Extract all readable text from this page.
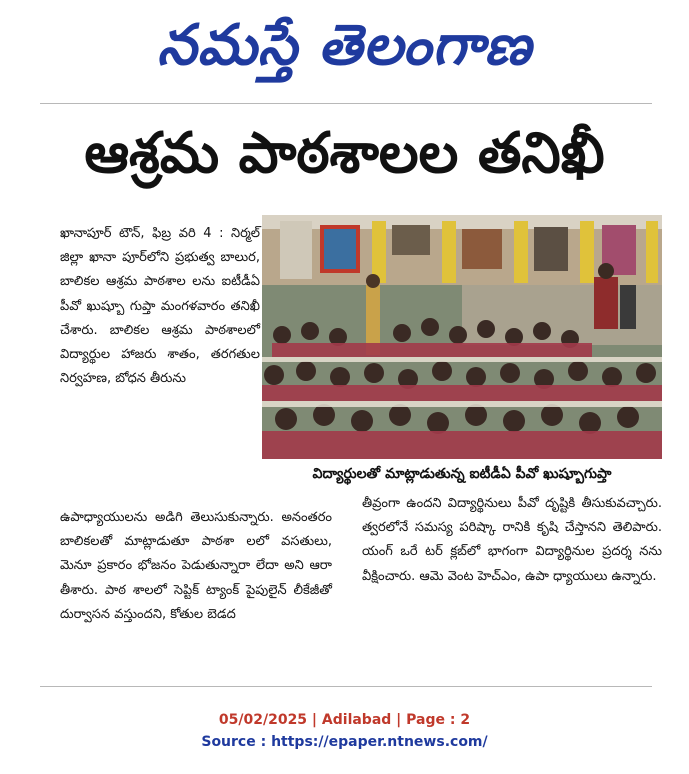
నమస్తే తెలంగాణ
ఆశ్రమ పాఠశాలల తనిఖీ
ఖానాపూర్ టౌన్, ఫిబ్ర వరి 4 : నిర్మల్ జిల్లా ఖానా పూర్‌లోని ప్రభుత్వ బాలుర, బాలికల ఆశ్రమ పాఠశాల లను ఐటీడీఏ పీవో ఖుష్బూ గుప్తా మంగళవారం తనిఖీ చేశారు. బాలికల ఆశ్రమ పాఠశాలలో విద్యార్థుల హాజరు శాతం, తరగతుల నిర్వహణ, బోధన తీరును
విద్యార్థులతో మాట్లాడుతున్న ఐటీడీఏ పీవో ఖుష్బూగుప్తా
ఉపాధ్యాయులను అడిగి తెలుసుకున్నారు. అనంతరం బాలికలతో మాట్లాడుతూ పాఠశా లలో వసతులు, మెనూ ప్రకారం భోజనం పెడుతున్నారా లేదా అని ఆరా తీశారు. పాఠ శాలలో సెప్టిక్ ట్యాంక్ పైపులైన్ లీకేజీతో దుర్వాసన వస్తుందని, కోతుల బెడద
తీవ్రంగా ఉందని విద్యార్థినులు పీవో దృష్టికి తీసుకువచ్చారు. త్వరలోనే సమస్య పరిష్కా రానికి కృషి చేస్తానని తెలిపారు. యంగ్ ఒరే టర్ క్లబ్‌లో భాగంగా విద్యార్థినుల ప్రదర్శ నను వీక్షించారు. ఆమె వెంట హెచ్‌ఎం, ఉపా ధ్యాయులు ఉన్నారు.
05/02/2025 | Adilabad | Page : 2
Source : https://epaper.ntnews.com/
